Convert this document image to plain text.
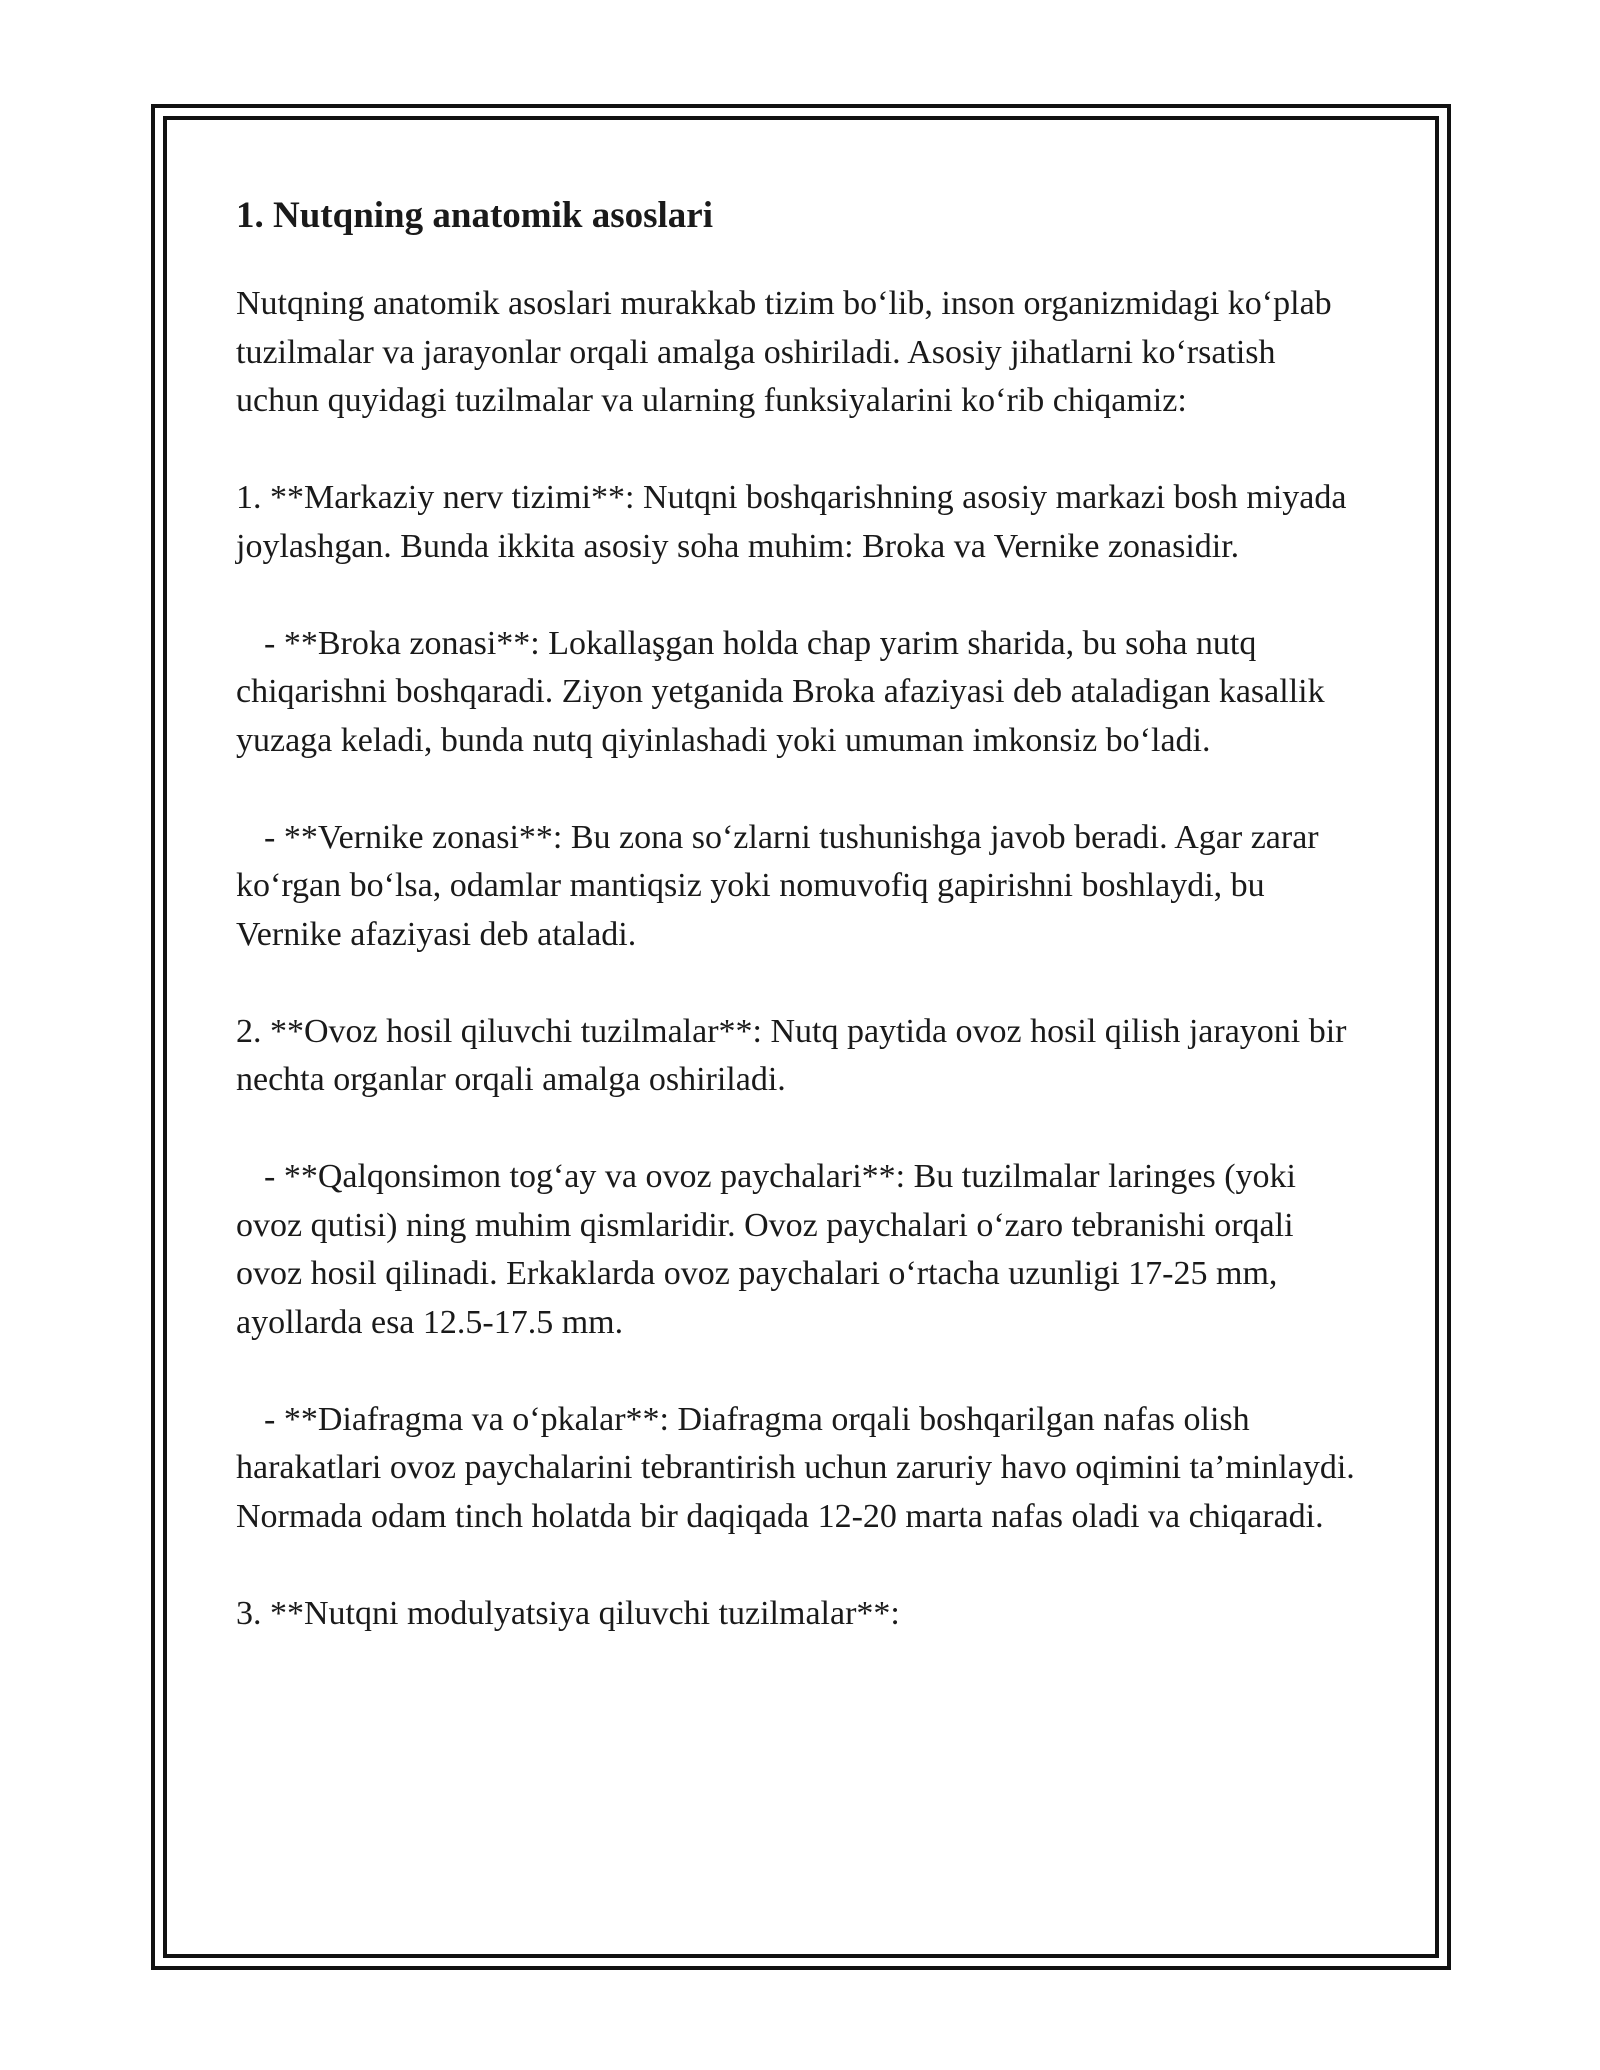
1. Nutqning anatomik asoslari

Nutqning anatomik asoslari murakkab tizim bo‘lib, inson organizmidagi ko‘plab tuzilmalar va jarayonlar orqali amalga oshiriladi. Asosiy jihatlarni ko‘rsatish uchun quyidagi tuzilmalar va ularning funksiyalarini ko‘rib chiqamiz:

1. **Markaziy nerv tizimi**: Nutqni boshqarishning asosiy markazi bosh miyada joylashgan. Bunda ikkita asosiy soha muhim: Broka va Vernike zonasidir.

- **Broka zonasi**: Lokallaşgan holda chap yarim sharida, bu soha nutq chiqarishni boshqaradi. Ziyon yetganida Broka afaziyasi deb ataladigan kasallik yuzaga keladi, bunda nutq qiyinlashadi yoki umuman imkonsiz bo‘ladi.

- **Vernike zonasi**: Bu zona so‘zlarni tushunishga javob beradi. Agar zarar ko‘rgan bo‘lsa, odamlar mantiqsiz yoki nomuvofiq gapirishni boshlaydi, bu Vernike afaziyasi deb ataladi.

2. **Ovoz hosil qiluvchi tuzilmalar**: Nutq paytida ovoz hosil qilish jarayoni bir nechta organlar orqali amalga oshiriladi.

- **Qalqonsimon tog‘ay va ovoz paychalari**: Bu tuzilmalar laringes (yoki ovoz qutisi) ning muhim qismlaridir. Ovoz paychalari o‘zaro tebranishi orqali ovoz hosil qilinadi. Erkaklarda ovoz paychalari o‘rtacha uzunligi 17-25 mm, ayollarda esa 12.5-17.5 mm.

- **Diafragma va o‘pkalar**: Diafragma orqali boshqarilgan nafas olish harakatlari ovoz paychalarini tebrantirish uchun zaruriy havo oqimini ta’minlaydi. Normada odam tinch holatda bir daqiqada 12-20 marta nafas oladi va chiqaradi.

3. **Nutqni modulyatsiya qiluvchi tuzilmalar**:
